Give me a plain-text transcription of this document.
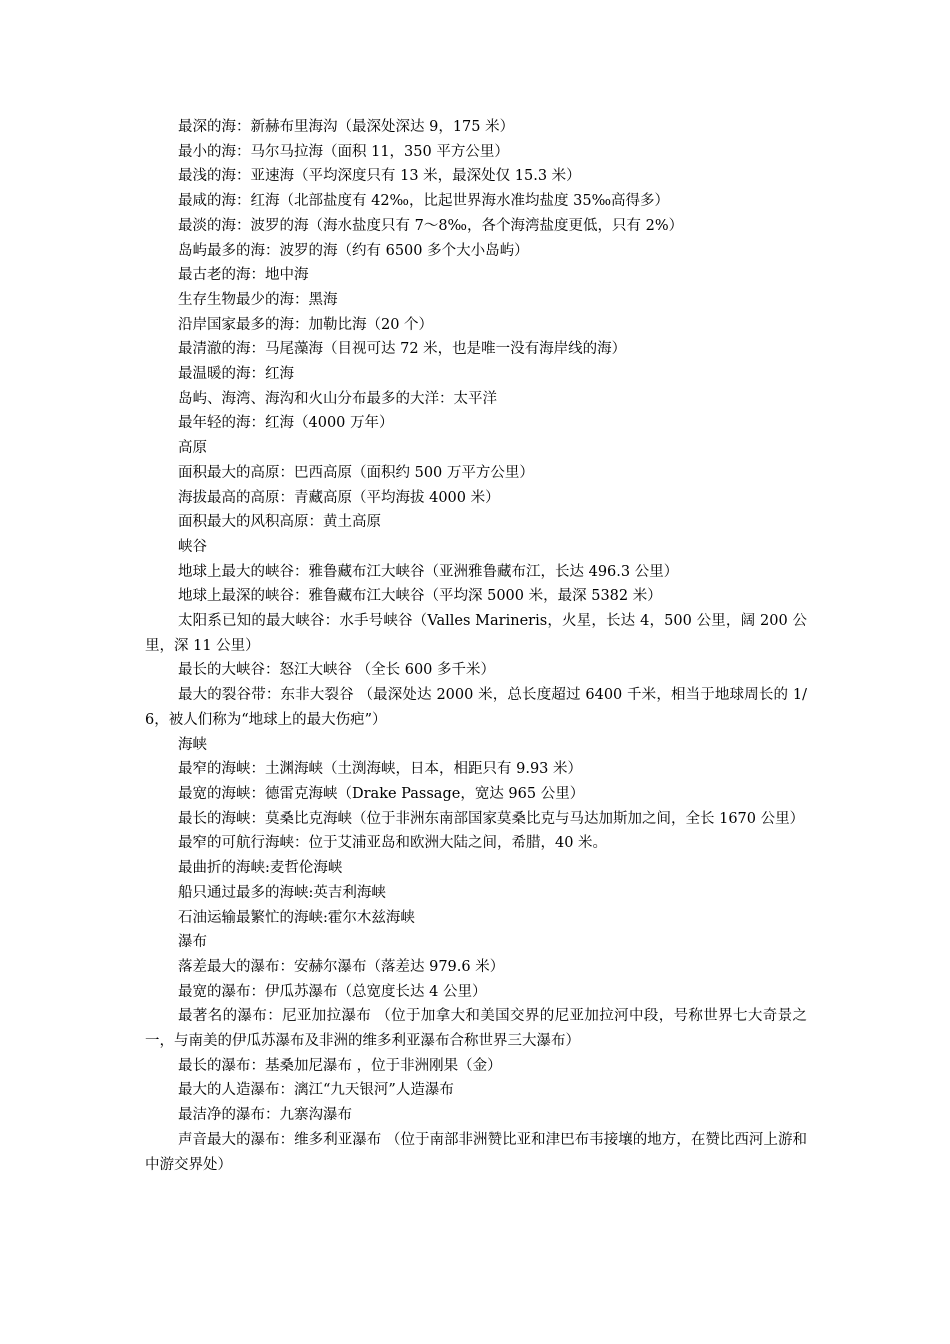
最深的海：新赫布里海沟（最深处深达 9，175 米）

最小的海：马尔马拉海（面积 11，350 平方公里）

最浅的海：亚速海（平均深度只有 13 米，最深处仅 15.3 米）

最咸的海：红海（北部盐度有 42‰，比起世界海水准均盐度 35‰高得多）

最淡的海：波罗的海（海水盐度只有 7～8‰，各个海湾盐度更低，只有 2%）

岛屿最多的海：波罗的海（约有 6500 多个大小岛屿）

最古老的海：地中海

生存生物最少的海：黑海

沿岸国家最多的海：加勒比海（20 个）

最清澈的海：马尾藻海（目视可达 72 米，也是唯一没有海岸线的海）

最温暖的海：红海

岛屿、海湾、海沟和火山分布最多的大洋：太平洋

最年轻的海：红海（4000 万年）

高原

面积最大的高原：巴西高原（面积约 500 万平方公里）

海拔最高的高原：青藏高原（平均海拔 4000 米）

面积最大的风积高原：黄土高原

峡谷

地球上最大的峡谷：雅鲁藏布江大峡谷（亚洲雅鲁藏布江，长达 496.3 公里）

地球上最深的峡谷：雅鲁藏布江大峡谷（平均深 5000 米，最深 5382 米）

太阳系已知的最大峡谷：水手号峡谷（Valles Marineris，火星，长达 4，500 公里，阔 200 公里，深 11 公里）

最长的大峡谷：怒江大峡谷 （全长 600 多千米）

最大的裂谷带：东非大裂谷 （最深处达 2000 米，总长度超过 6400 千米，相当于地球周长的 1/6，被人们称为“地球上的最大伤疤”）

海峡

最窄的海峡：土渊海峡（土渕海峡，日本，相距只有 9.93 米）

最宽的海峡：德雷克海峡（Drake Passage，宽达 965 公里）

最长的海峡：莫桑比克海峡（位于非洲东南部国家莫桑比克与马达加斯加之间，全长 1670 公里）

最窄的可航行海峡：位于艾浦亚岛和欧洲大陆之间，希腊，40 米。

最曲折的海峡:麦哲伦海峡

船只通过最多的海峡:英吉利海峡

石油运输最繁忙的海峡:霍尔木兹海峡

瀑布

落差最大的瀑布：安赫尔瀑布（落差达 979.6 米）

最宽的瀑布：伊瓜苏瀑布（总宽度长达 4 公里）

最著名的瀑布：尼亚加拉瀑布 （位于加拿大和美国交界的尼亚加拉河中段，号称世界七大奇景之一，与南美的伊瓜苏瀑布及非洲的维多利亚瀑布合称世界三大瀑布）

最长的瀑布：基桑加尼瀑布 ，位于非洲刚果（金）

最大的人造瀑布：漓江“九天银河”人造瀑布

最洁净的瀑布：九寨沟瀑布

声音最大的瀑布：维多利亚瀑布 （位于南部非洲赞比亚和津巴布韦接壤的地方，在赞比西河上游和中游交界处）
